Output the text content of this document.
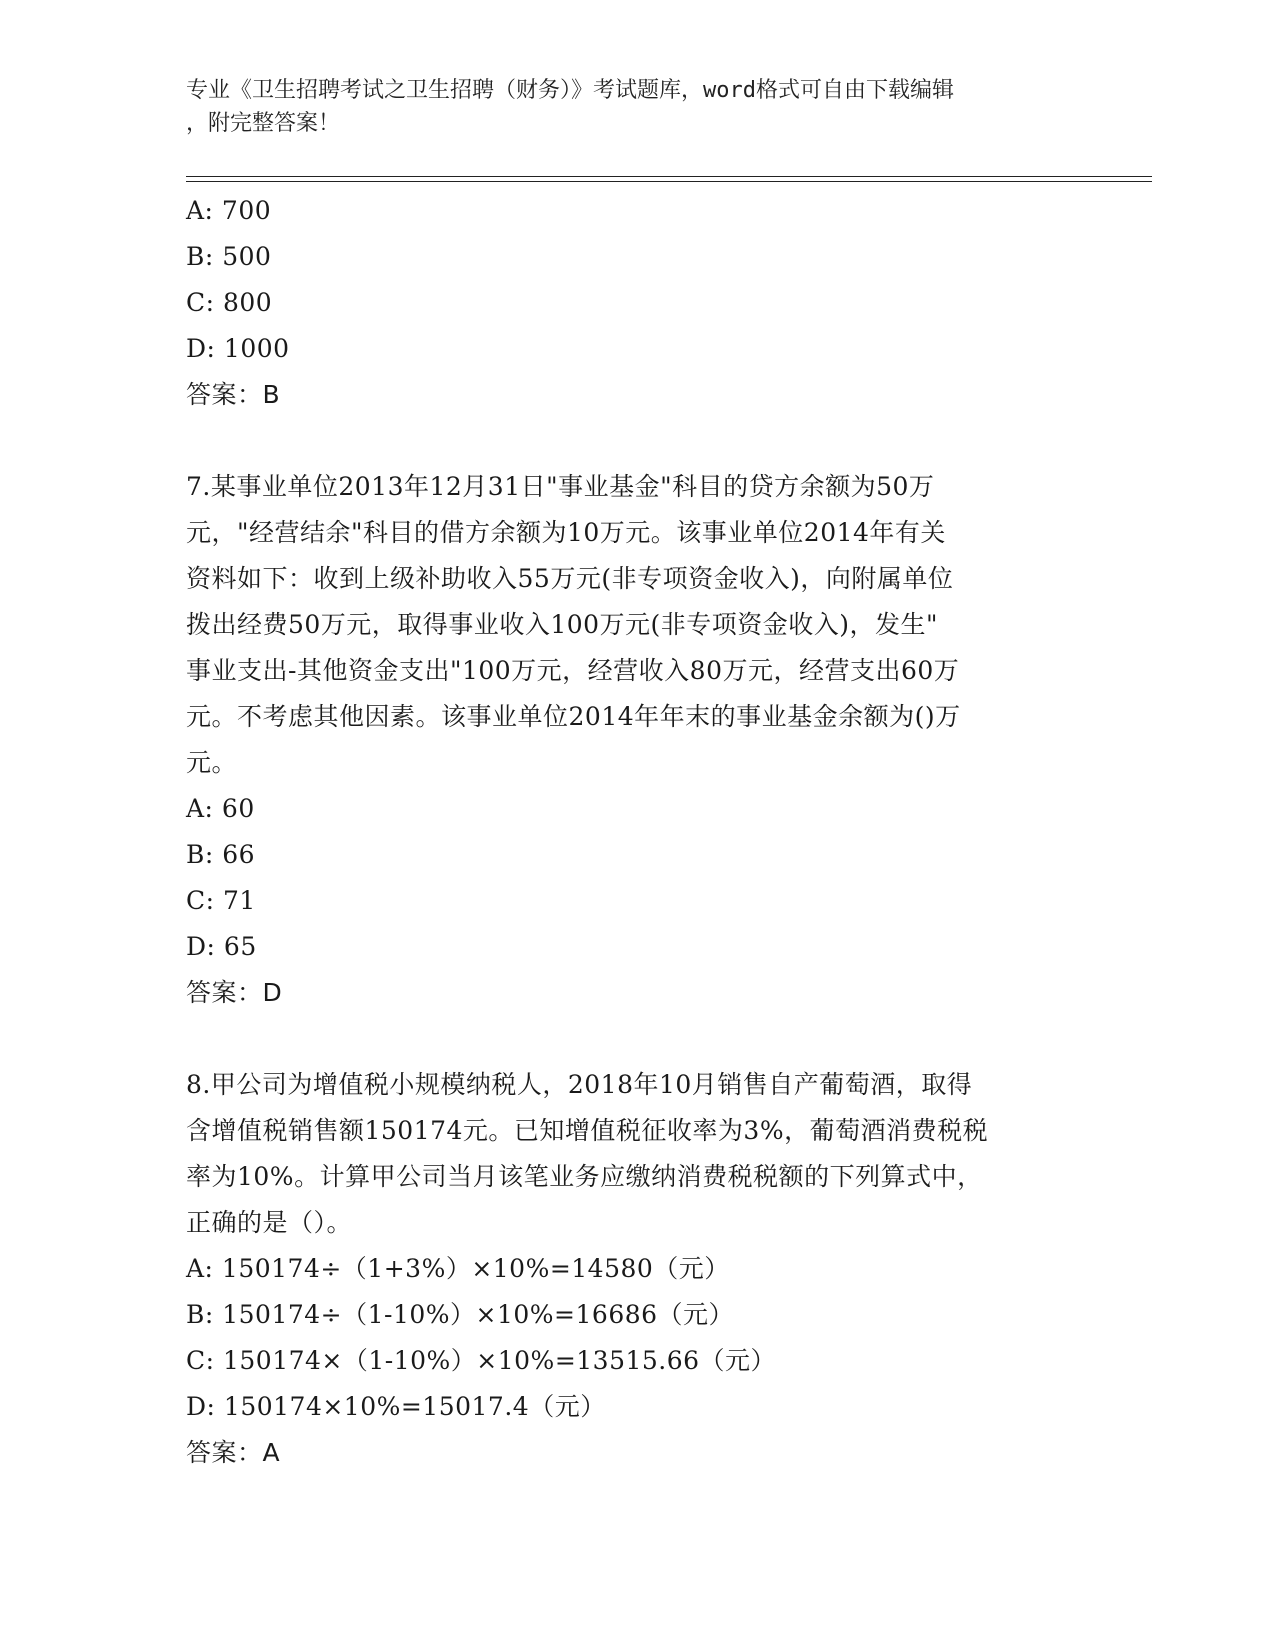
专业《卫生招聘考试之卫生招聘（财务）》考试题库，word格式可自由下载编辑
，附完整答案！
A: 700
B: 500
C: 800
D: 1000
答案：B
7.某事业单位2013年12月31日"事业基金"科目的贷方余额为50万
元，"经营结余"科目的借方余额为10万元。该事业单位2014年有关
资料如下：收到上级补助收入55万元(非专项资金收入)，向附属单位
拨出经费50万元，取得事业收入100万元(非专项资金收入)，发生"
事业支出-其他资金支出"100万元，经营收入80万元，经营支出60万
元。不考虑其他因素。该事业单位2014年年末的事业基金余额为()万
元。
A: 60
B: 66
C: 71
D: 65
答案：D
8.甲公司为增值税小规模纳税人，2018年10月销售自产葡萄酒，取得
含增值税销售额150174元。已知增值税征收率为3%，葡萄酒消费税税
率为10%。计算甲公司当月该笔业务应缴纳消费税税额的下列算式中，
正确的是（）。
A: 150174÷（1+3%）×10%=14580（元）
B: 150174÷（1-10%）×10%=16686（元）
C: 150174×（1-10%）×10%=13515.66（元）
D: 150174×10%=15017.4（元）
答案：A
